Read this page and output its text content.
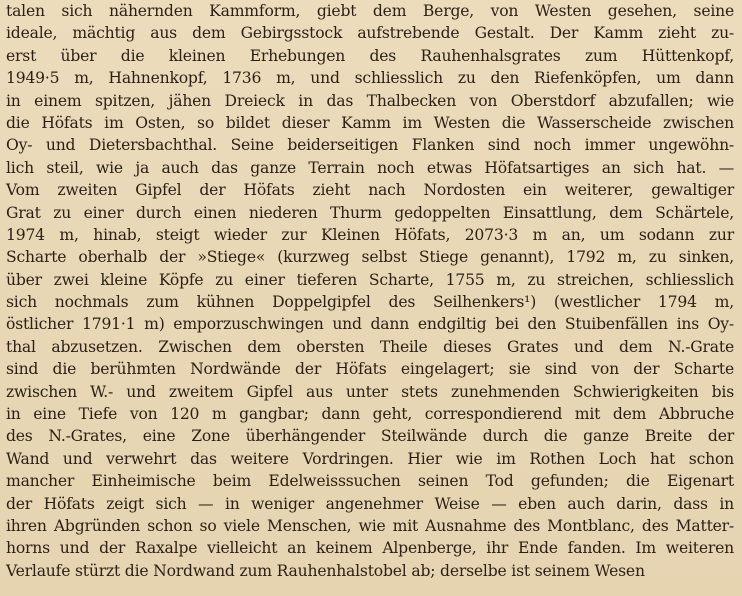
talen sich nähernden Kammform, giebt dem Berge, von Westen gesehen, seine
ideale, mächtig aus dem Gebirgsstock aufstrebende Gestalt. Der Kamm zieht zu-
erst über die kleinen Erhebungen des Rauhenhalsgrates zum Hüttenkopf,
1949·5 m, Hahnenkopf, 1736 m, und schliesslich zu den Riefenköpfen, um dann
in einem spitzen, jähen Dreieck in das Thalbecken von Oberstdorf abzufallen; wie
die Höfats im Osten, so bildet dieser Kamm im Westen die Wasserscheide zwischen
Oy- und Dietersbachthal. Seine beiderseitigen Flanken sind noch immer ungewöhn-
lich steil, wie ja auch das ganze Terrain noch etwas Höfatsartiges an sich hat. —
Vom zweiten Gipfel der Höfats zieht nach Nordosten ein weiterer, gewaltiger
Grat zu einer durch einen niederen Thurm gedoppelten Einsattlung, dem Schärtele,
1974 m, hinab, steigt wieder zur Kleinen Höfats, 2073·3 m an, um sodann zur
Scharte oberhalb der »Stiege« (kurzweg selbst Stiege genannt), 1792 m, zu sinken,
über zwei kleine Köpfe zu einer tieferen Scharte, 1755 m, zu streichen, schliesslich
sich nochmals zum kühnen Doppelgipfel des Seilhenkers¹) (westlicher 1794 m,
östlicher 1791·1 m) emporzuschwingen und dann endgiltig bei den Stuibenfällen ins Oy-
thal abzusetzen. Zwischen dem obersten Theile dieses Grates und dem N.-Grate
sind die berühmten Nordwände der Höfats eingelagert; sie sind von der Scharte
zwischen W.- und zweitem Gipfel aus unter stets zunehmenden Schwierigkeiten bis
in eine Tiefe von 120 m gangbar; dann geht, correspondierend mit dem Abbruche
des N.-Grates, eine Zone überhängender Steilwände durch die ganze Breite der
Wand und verwehrt das weitere Vordringen. Hier wie im Rothen Loch hat schon
mancher Einheimische beim Edelweisssuchen seinen Tod gefunden; die Eigenart
der Höfats zeigt sich — in weniger angenehmer Weise — eben auch darin, dass in
ihren Abgründen schon so viele Menschen, wie mit Ausnahme des Montblanc, des Matter-
horns und der Raxalpe vielleicht an keinem Alpenberge, ihr Ende fanden. Im weiteren
Verlaufe stürzt die Nordwand zum Rauhenhalstobel ab; derselbe ist seinem Wesen
